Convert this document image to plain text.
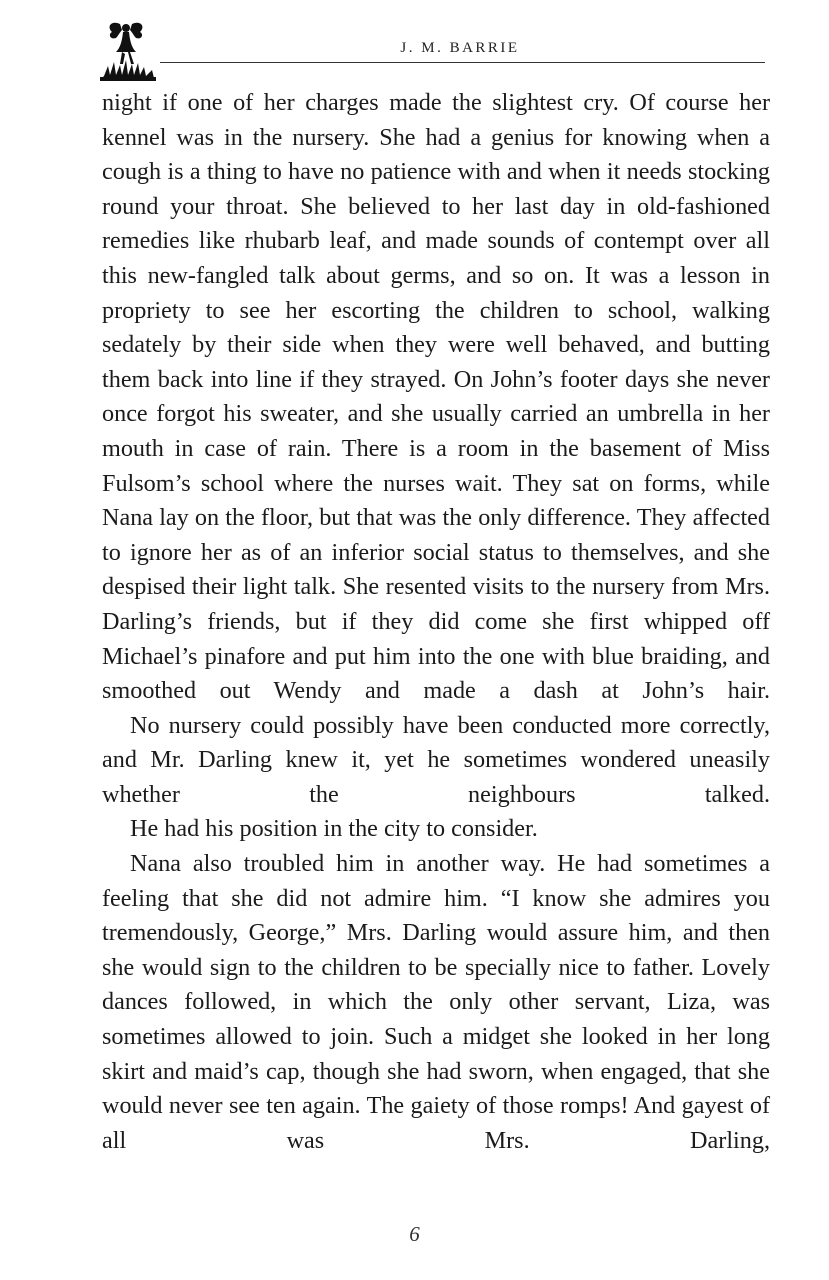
J. M. BARRIE

night if one of her charges made the slightest cry. Of course her kennel was in the nursery. She had a genius for knowing when a cough is a thing to have no patience with and when it needs stocking round your throat. She believed to her last day in old-fashioned remedies like rhubarb leaf, and made sounds of contempt over all this new-fangled talk about germs, and so on. It was a lesson in propriety to see her escorting the children to school, walking sedately by their side when they were well behaved, and butting them back into line if they strayed. On John’s footer days she never once forgot his sweater, and she usually carried an umbrella in her mouth in case of rain. There is a room in the basement of Miss Fulsom’s school where the nurses wait. They sat on forms, while Nana lay on the floor, but that was the only difference. They affected to ignore her as of an inferior social status to themselves, and she despised their light talk. She resented visits to the nursery from Mrs. Darling’s friends, but if they did come she first whipped off Michael’s pinafore and put him into the one with blue braiding, and smoothed out Wendy and made a dash at John’s hair.

No nursery could possibly have been conducted more correctly, and Mr. Darling knew it, yet he sometimes wondered uneasily whether the neighbours talked.

He had his position in the city to consider.

Nana also troubled him in another way. He had sometimes a feeling that she did not admire him. “I know she admires you tremendously, George,” Mrs. Darling would assure him, and then she would sign to the children to be specially nice to father. Lovely dances followed, in which the only other servant, Liza, was sometimes allowed to join. Such a midget she looked in her long skirt and maid’s cap, though she had sworn, when engaged, that she would never see ten again. The gaiety of those romps! And gayest of all was Mrs. Darling,

6
